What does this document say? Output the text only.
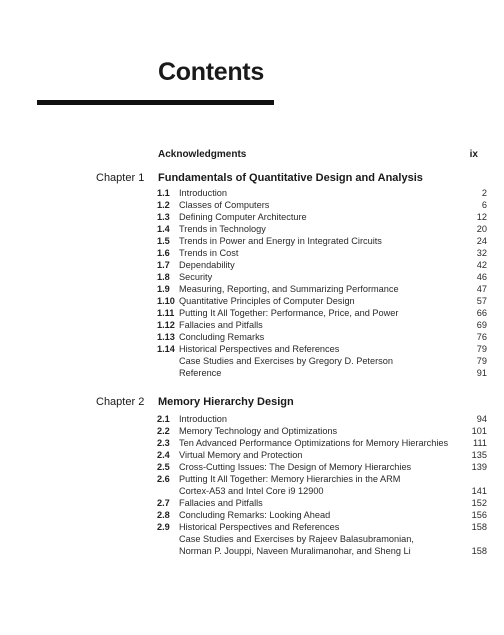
Contents
Acknowledgments	ix
Chapter 1 Fundamentals of Quantitative Design and Analysis
1.1 Introduction	2
1.2 Classes of Computers	6
1.3 Defining Computer Architecture	12
1.4 Trends in Technology	20
1.5 Trends in Power and Energy in Integrated Circuits	24
1.6 Trends in Cost	32
1.7 Dependability	42
1.8 Security	46
1.9 Measuring, Reporting, and Summarizing Performance	47
1.10 Quantitative Principles of Computer Design	57
1.11 Putting It All Together: Performance, Price, and Power	66
1.12 Fallacies and Pitfalls	69
1.13 Concluding Remarks	76
1.14 Historical Perspectives and References	79
Case Studies and Exercises by Gregory D. Peterson	79
Reference	91
Chapter 2 Memory Hierarchy Design
2.1 Introduction	94
2.2 Memory Technology and Optimizations	101
2.3 Ten Advanced Performance Optimizations for Memory Hierarchies	111
2.4 Virtual Memory and Protection	135
2.5 Cross-Cutting Issues: The Design of Memory Hierarchies	139
2.6 Putting It All Together: Memory Hierarchies in the ARM
Cortex-A53 and Intel Core i9 12900	141
2.7 Fallacies and Pitfalls	152
2.8 Concluding Remarks: Looking Ahead	156
2.9 Historical Perspectives and References	158
Case Studies and Exercises by Rajeev Balasubramonian,
Norman P. Jouppi, Naveen Muralimanohar, and Sheng Li	158
